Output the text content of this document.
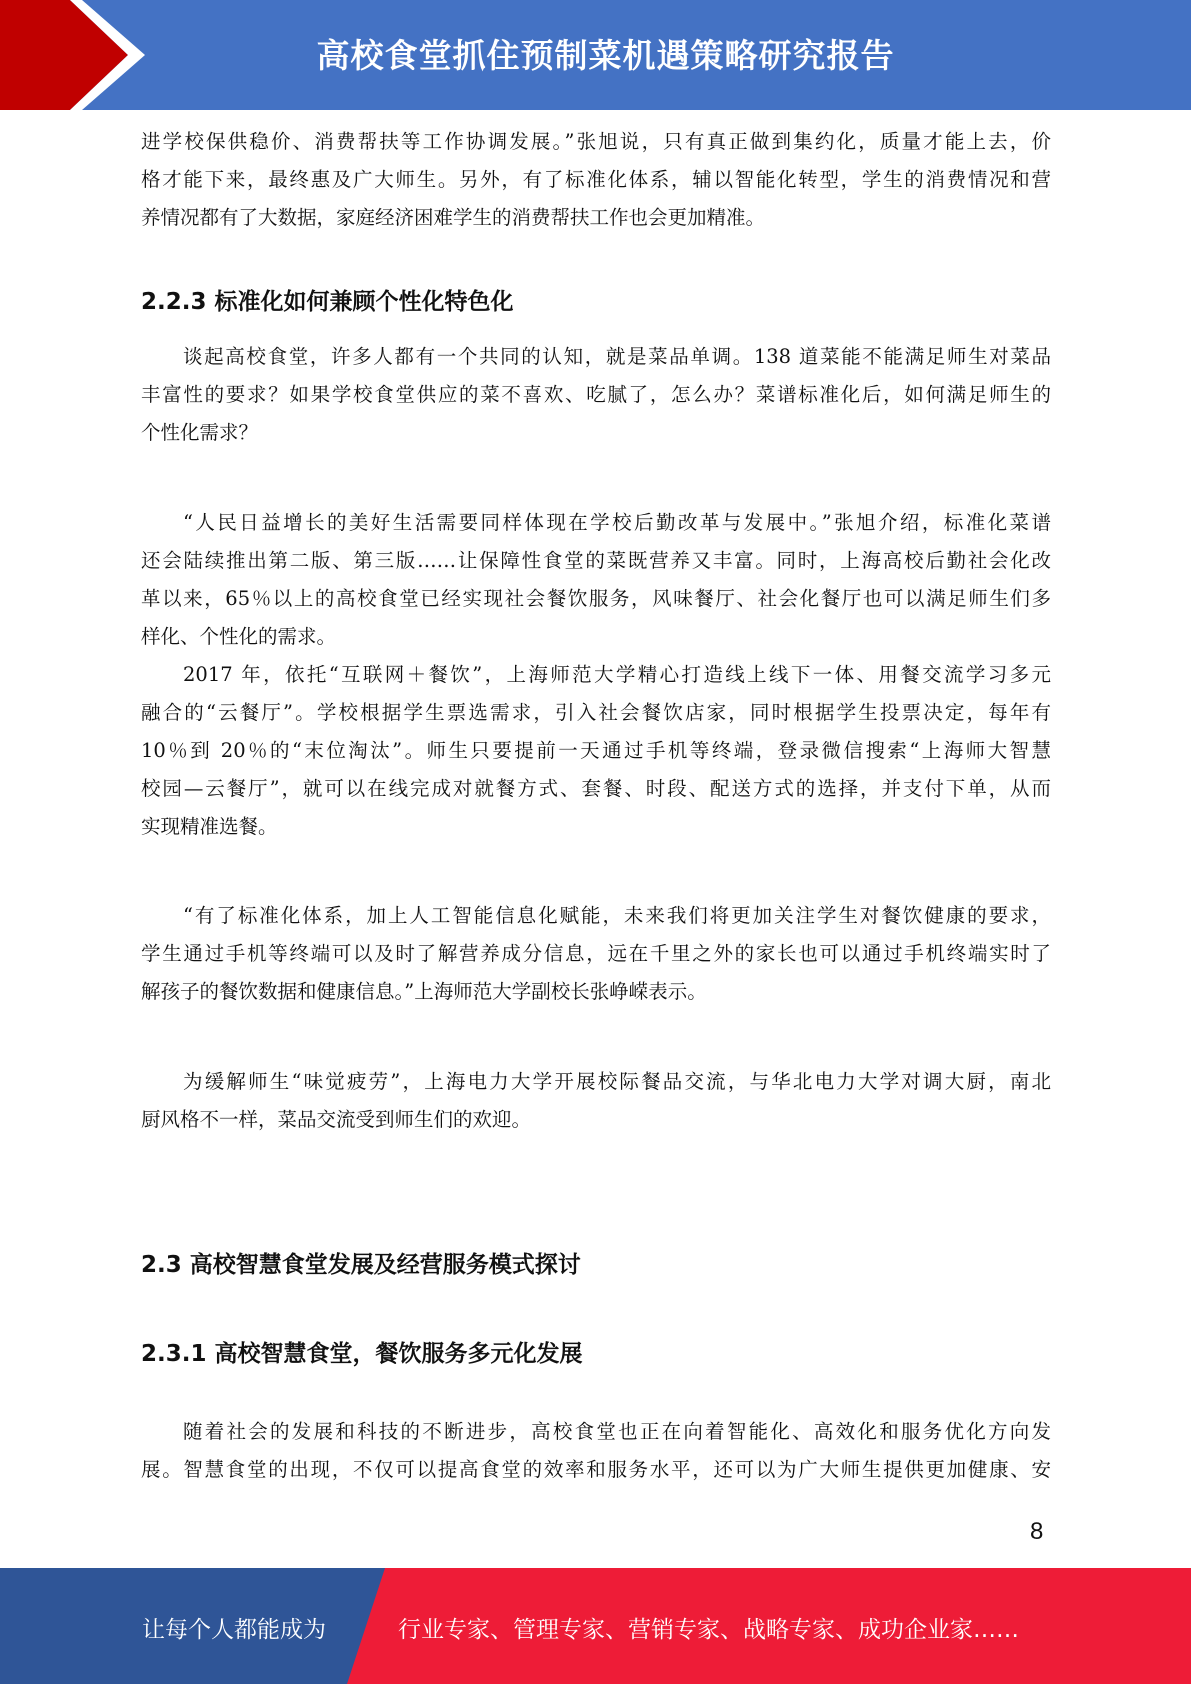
高校食堂抓住预制菜机遇策略研究报告
进学校保供稳价、消费帮扶等工作协调发展。”张旭说，只有真正做到集约化，质量才能上去，价
格才能下来，最终惠及广大师生。另外，有了标准化体系，辅以智能化转型，学生的消费情况和营
养情况都有了大数据，家庭经济困难学生的消费帮扶工作也会更加精准。
2.2.3 标准化如何兼顾个性化特色化
谈起高校食堂，许多人都有一个共同的认知，就是菜品单调。138 道菜能不能满足师生对菜品
丰富性的要求？如果学校食堂供应的菜不喜欢、吃腻了，怎么办？菜谱标准化后，如何满足师生的
个性化需求？
“人民日益增长的美好生活需要同样体现在学校后勤改革与发展中。”张旭介绍，标准化菜谱
还会陆续推出第二版、第三版……让保障性食堂的菜既营养又丰富。同时，上海高校后勤社会化改
革以来，65％以上的高校食堂已经实现社会餐饮服务，风味餐厅、社会化餐厅也可以满足师生们多
样化、个性化的需求。
2017 年，依托“互联网＋餐饮”，上海师范大学精心打造线上线下一体、用餐交流学习多元
融合的“云餐厅”。学校根据学生票选需求，引入社会餐饮店家，同时根据学生投票决定，每年有
10％到 20％的“末位淘汰”。师生只要提前一天通过手机等终端，登录微信搜索“上海师大智慧
校园—云餐厅”，就可以在线完成对就餐方式、套餐、时段、配送方式的选择，并支付下单，从而
实现精准选餐。
“有了标准化体系，加上人工智能信息化赋能，未来我们将更加关注学生对餐饮健康的要求，
学生通过手机等终端可以及时了解营养成分信息，远在千里之外的家长也可以通过手机终端实时了
解孩子的餐饮数据和健康信息。”上海师范大学副校长张峥嵘表示。
为缓解师生“味觉疲劳”，上海电力大学开展校际餐品交流，与华北电力大学对调大厨，南北
厨风格不一样，菜品交流受到师生们的欢迎。
2.3 高校智慧食堂发展及经营服务模式探讨
2.3.1 高校智慧食堂，餐饮服务多元化发展
随着社会的发展和科技的不断进步，高校食堂也正在向着智能化、高效化和服务优化方向发
展。智慧食堂的出现，不仅可以提高食堂的效率和服务水平，还可以为广大师生提供更加健康、安
8
让每个人都能成为	行业专家、管理专家、营销专家、战略专家、成功企业家……
